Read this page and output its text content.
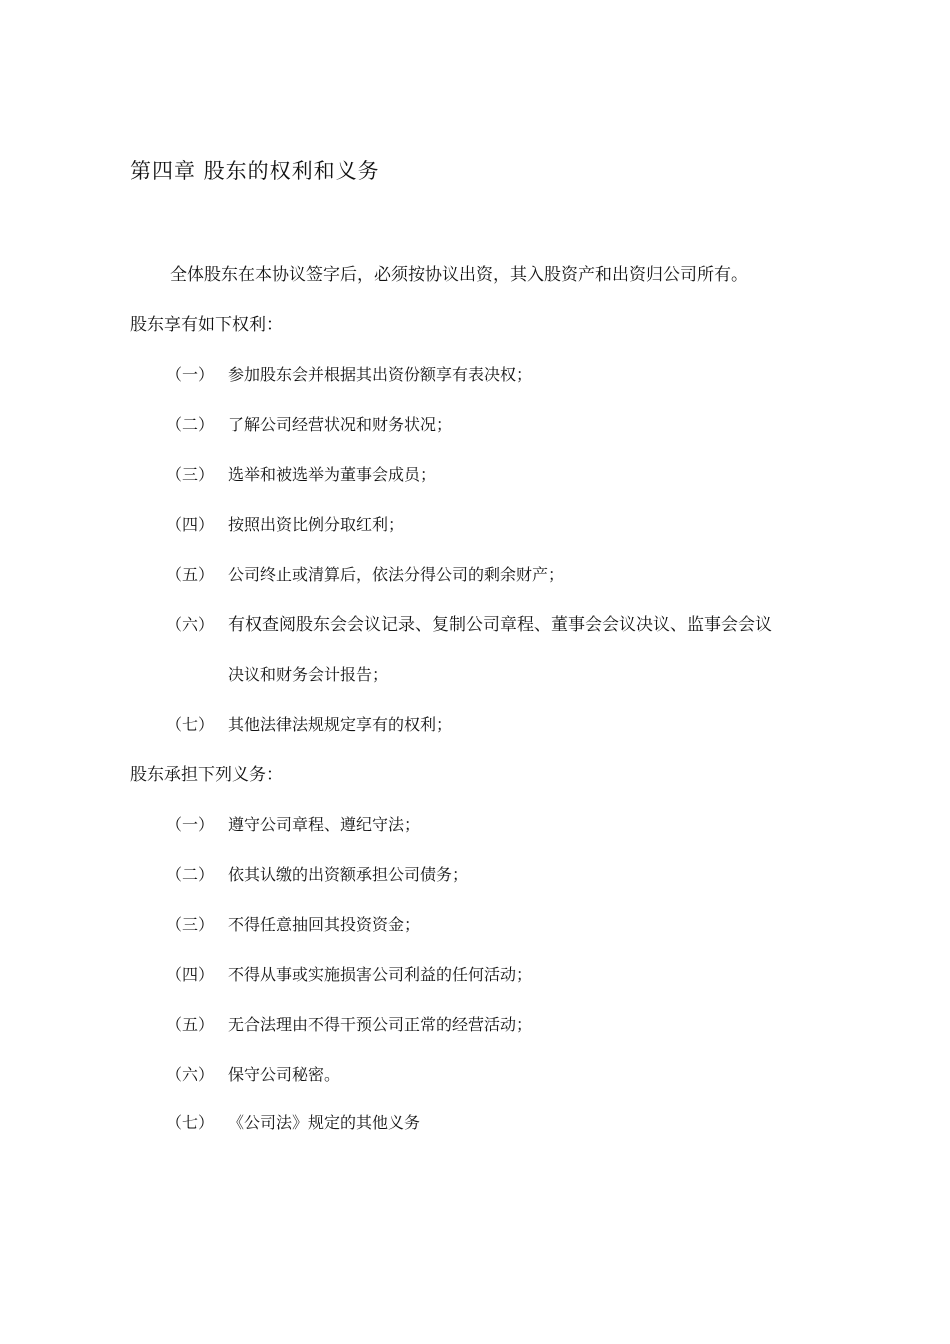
第四章 股东的权利和义务
全体股东在本协议签字后，必须按协议出资，其入股资产和出资归公司所有。
股东享有如下权利：
（一） 参加股东会并根据其出资份额享有表决权；
（二） 了解公司经营状况和财务状况；
（三） 选举和被选举为董事会成员；
（四） 按照出资比例分取红利；
（五） 公司终止或清算后，依法分得公司的剩余财产；
（六） 有权查阅股东会会议记录、复制公司章程、董事会会议决议、监事会会议
决议和财务会计报告；
（七） 其他法律法规规定享有的权利；
股东承担下列义务：
（一） 遵守公司章程、遵纪守法；
（二） 依其认缴的出资额承担公司债务；
（三） 不得任意抽回其投资资金；
（四） 不得从事或实施损害公司利益的任何活动；
（五） 无合法理由不得干预公司正常的经营活动；
（六） 保守公司秘密。
（七） 《公司法》规定的其他义务
